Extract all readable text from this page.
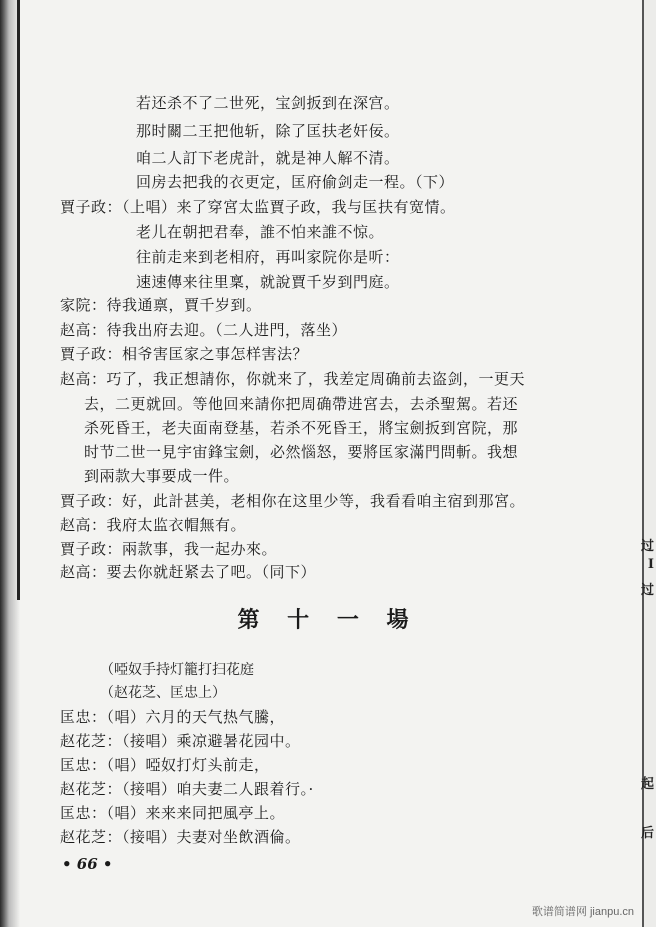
过
I
过
起
后
若还杀不了二世死，宝剑扳到在深宫。
那时關二王把他斩，除了匡扶老奸佞。
咱二人訂下老虎計，就是神人解不清。
回房去把我的衣更定，匡府偷剑走一程。（下）
賈子政：（上唱）来了穿宮太监賈子政，我与匡扶有宽情。
老儿在朝把君奉，誰不怕来誰不惊。
往前走来到老相府，再叫家院你是听：
速速傳来往里稟，就說賈千岁到門庭。
家院：待我通禀，賈千岁到。
赵高：待我出府去迎。（二人进門，落坐）
賈子政：相爷害匡家之事怎样害法？
赵高：巧了，我正想請你，你就来了，我差定周确前去盗剑，一更天
去，二更就回。等他回来請你把周确帶进宮去，去杀聖駕。若还
杀死昏王，老夫面南登基，若杀不死昏王，將宝劍扳到宮院，那
时节二世一見宇宙鋒宝劍，必然惱怒，要將匡家滿門問斬。我想
到兩款大事要成一件。
賈子政：好，此計甚美，老相你在这里少等，我看看咱主宿到那宮。
赵高：我府太监衣帽無有。
賈子政：兩款事，我一起办來。
赵高：要去你就赶紧去了吧。（同下）
第 十 一 場
（啞奴手持灯籠打扫花庭
（赵花芝、匡忠上）
匡忠：（唱）六月的天气热气騰，
赵花芝：（接唱）乘凉避暑花园中。
匡忠：（唱）啞奴打灯头前走，
赵花芝：（接唱）咱夫妻二人跟着行。·
匡忠：（唱）来来来同把風亭上。
赵花芝：（接唱）夫妻对坐飲酒倫。
• 66 •
歌谱简谱网 jianpu.cn
